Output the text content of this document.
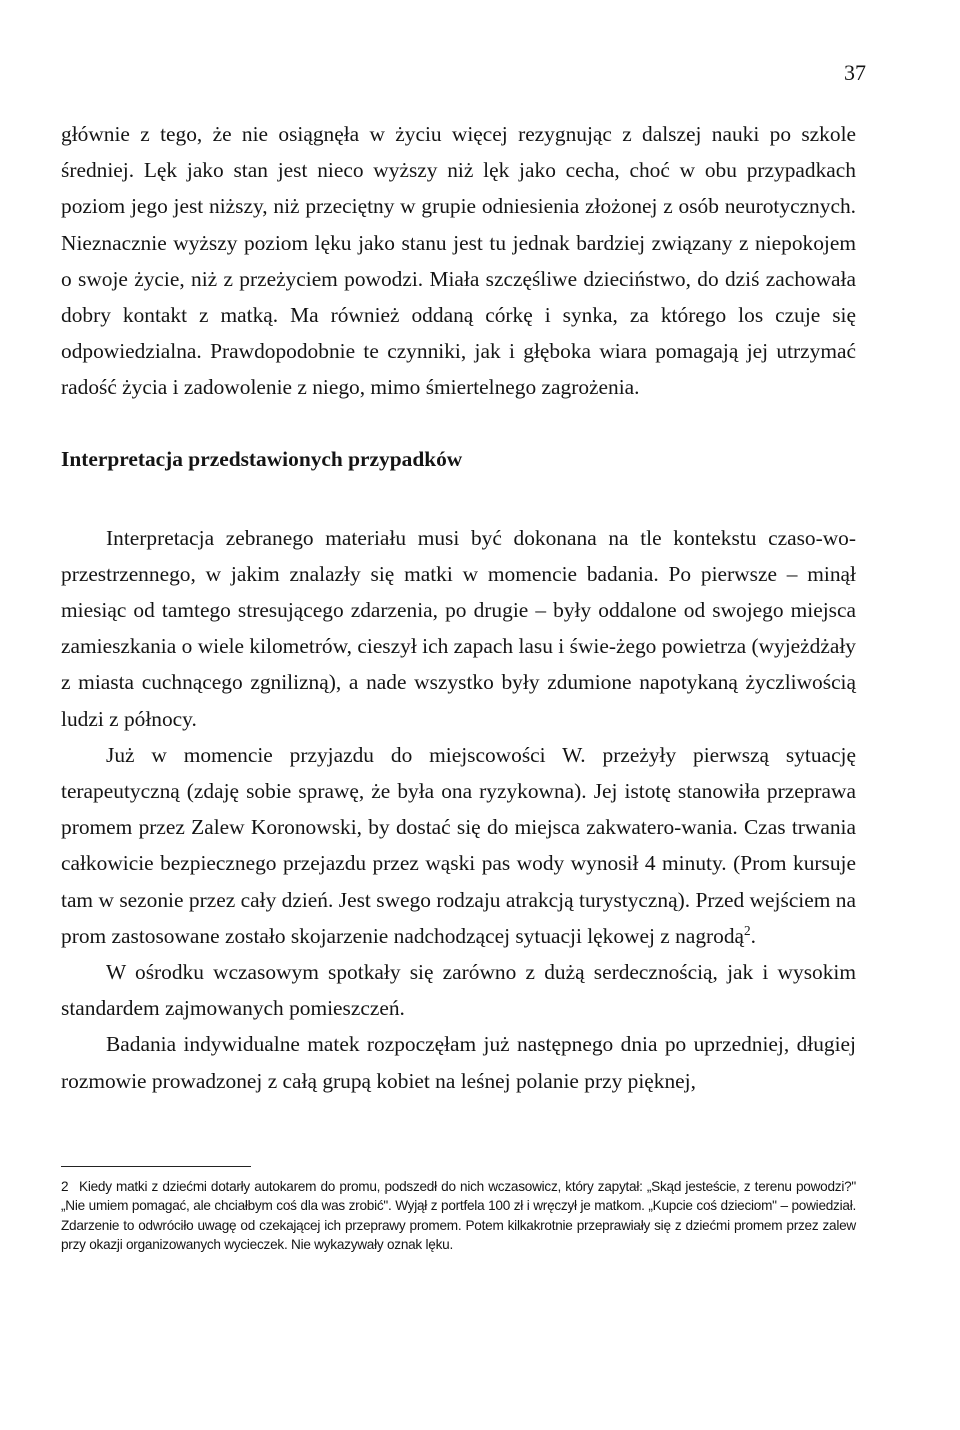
37

głównie z tego, że nie osiągnęła w życiu więcej rezygnując z dalszej nauki po szkole średniej. Lęk jako stan jest nieco wyższy niż lęk jako cecha, choć w obu przypadkach poziom jego jest niższy, niż przeciętny w grupie odniesienia złożonej z osób neurotycznych. Nieznacznie wyższy poziom lęku jako stanu jest tu jednak bardziej związany z niepokojem o swoje życie, niż z przeżyciem powodzi. Miała szczęśliwe dzieciństwo, do dziś zachowała dobry kontakt z matką. Ma również oddaną córkę i synka, za którego los czuje się odpowiedzialna. Prawdopodobnie te czynniki, jak i głęboka wiara pomagają jej utrzymać radość życia i zadowolenie z niego, mimo śmiertelnego zagrożenia.

Interpretacja przedstawionych przypadków

Interpretacja zebranego materiału musi być dokonana na tle kontekstu czaso-wo-przestrzennego, w jakim znalazły się matki w momencie badania. Po pierwsze – minął miesiąc od tamtego stresującego zdarzenia, po drugie – były oddalone od swojego miejsca zamieszkania o wiele kilometrów, cieszył ich zapach lasu i świe-żego powietrza (wyjeżdżały z miasta cuchnącego zgnilizną), a nade wszystko były zdumione napotykaną życzliwością ludzi z północy.

Już w momencie przyjazdu do miejscowości W. przeżyły pierwszą sytuację terapeutyczną (zdaję sobie sprawę, że była ona ryzykowna). Jej istotę stanowiła przeprawa promem przez Zalew Koronowski, by dostać się do miejsca zakwatero-wania. Czas trwania całkowicie bezpiecznego przejazdu przez wąski pas wody wynosił 4 minuty. (Prom kursuje tam w sezonie przez cały dzień. Jest swego rodzaju atrakcją turystyczną). Przed wejściem na prom zastosowane zostało skojarzenie nadchodzącej sytuacji lękowej z nagrodą$^2$.

W ośrodku wczasowym spotkały się zarówno z dużą serdecznością, jak i wysokim standardem zajmowanych pomieszczeń.

Badania indywidualne matek rozpoczęłam już następnego dnia po uprzedniej, długiej rozmowie prowadzonej z całą grupą kobiet na leśnej polanie przy pięknej,

2 Kiedy matki z dziećmi dotarły autokarem do promu, podszedł do nich wczasowicz, który zapytał: „Skąd jesteście, z terenu powodzi?" „Nie umiem pomagać, ale chciałbym coś dla was zrobić". Wyjął z portfela 100 zł i wręczył je matkom. „Kupcie coś dzieciom" – powiedział. Zdarzenie to odwróciło uwagę od czekającej ich przeprawy promem. Potem kilkakrotnie przeprawiały się z dziećmi promem przez zalew przy okazji organizowanych wycieczek. Nie wykazywały oznak lęku.
